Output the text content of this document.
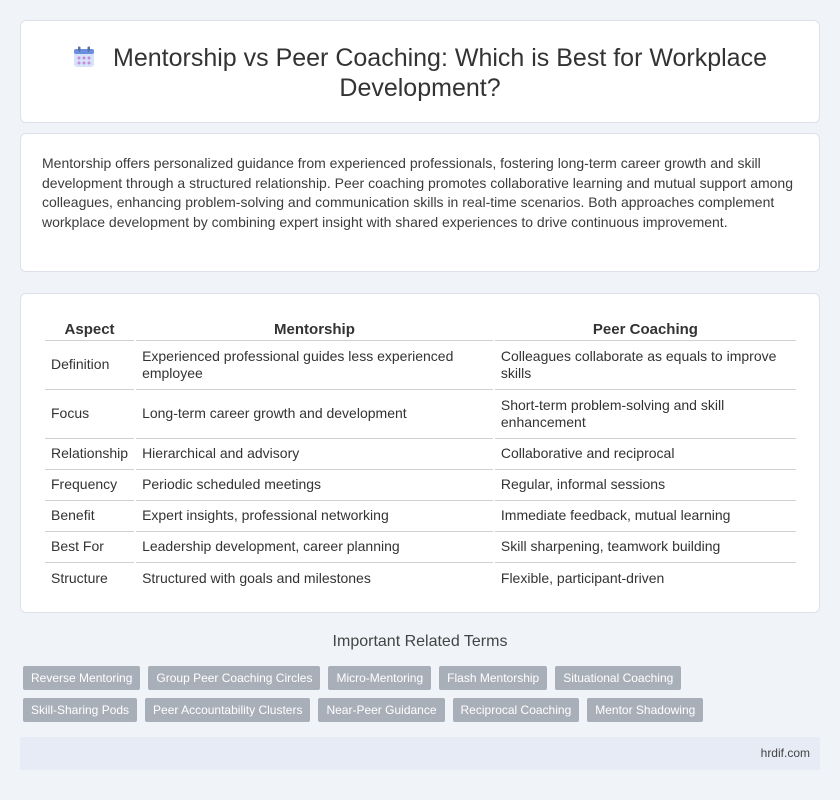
Mentorship vs Peer Coaching: Which is Best for Workplace Development?

Mentorship offers personalized guidance from experienced professionals, fostering long-term career growth and skill development through a structured relationship. Peer coaching promotes collaborative learning and mutual support among colleagues, enhancing problem-solving and communication skills in real-time scenarios. Both approaches complement workplace development by combining expert insight with shared experiences to drive continuous improvement.

Aspect	Mentorship	Peer Coaching
Definition	Experienced professional guides less experienced employee	Colleagues collaborate as equals to improve skills
Focus	Long-term career growth and development	Short-term problem-solving and skill enhancement
Relationship	Hierarchical and advisory	Collaborative and reciprocal
Frequency	Periodic scheduled meetings	Regular, informal sessions
Benefit	Expert insights, professional networking	Immediate feedback, mutual learning
Best For	Leadership development, career planning	Skill sharpening, teamwork building
Structure	Structured with goals and milestones	Flexible, participant-driven
Important Related Terms
Reverse Mentoring	Group Peer Coaching Circles	Micro-Mentoring	Flash Mentorship	Situational Coaching
Skill-Sharing Pods	Peer Accountability Clusters	Near-Peer Guidance	Reciprocal Coaching	Mentor Shadowing
hrdif.com
